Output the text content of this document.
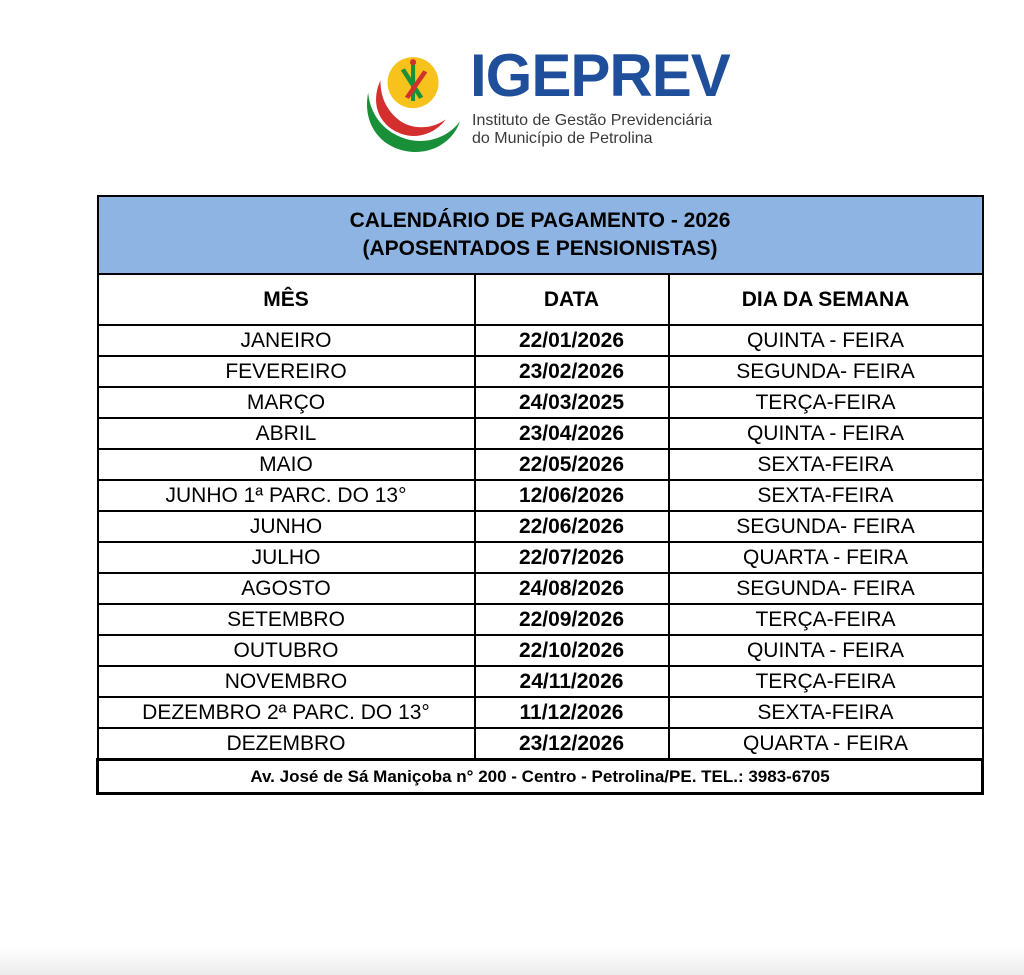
IGEPREV
Instituto de Gestão Previdenciária
do Município de Petrolina
CALENDÁRIO DE PAGAMENTO - 2026
(APOSENTADOS E PENSIONISTAS)		

MÊS	DATA	DIA DA SEMANA
JANEIRO	22/01/2026	QUINTA - FEIRA
FEVEREIRO	23/02/2026	SEGUNDA- FEIRA
MARÇO	24/03/2025	TERÇA-FEIRA
ABRIL	23/04/2026	QUINTA - FEIRA
MAIO	22/05/2026	SEXTA-FEIRA
JUNHO 1ª PARC. DO 13°	12/06/2026	SEXTA-FEIRA
JUNHO	22/06/2026	SEGUNDA- FEIRA
JULHO	22/07/2026	QUARTA - FEIRA
AGOSTO	24/08/2026	SEGUNDA- FEIRA
SETEMBRO	22/09/2026	TERÇA-FEIRA
OUTUBRO	22/10/2026	QUINTA - FEIRA
NOVEMBRO	24/11/2026	TERÇA-FEIRA
DEZEMBRO 2ª PARC. DO 13°	11/12/2026	SEXTA-FEIRA
DEZEMBRO	23/12/2026	QUARTA - FEIRA
Av. José de Sá Maniçoba n° 200 - Centro - Petrolina/PE. TEL.: 3983-6705		
